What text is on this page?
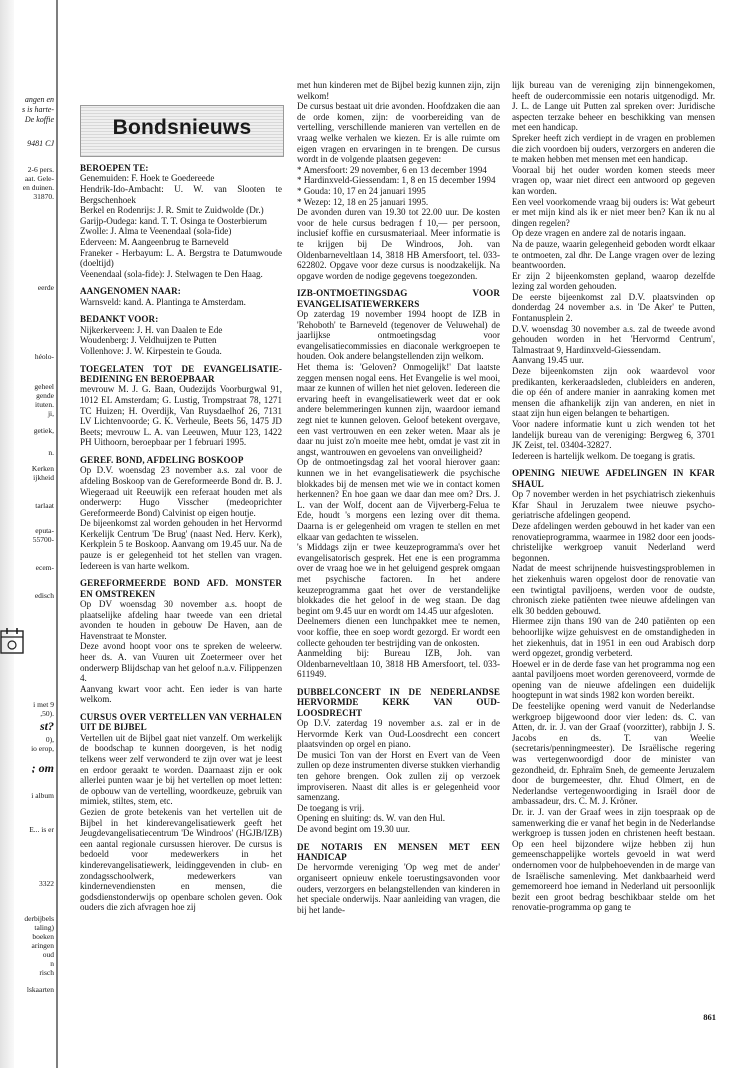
angen en
s is harte-
De koffie
9481 CJ
2-6 pers.
aat. Gele-
en duinen.
31870.
eerde
héolo-
geheel
gende
ituten.
ji,
getiek,
n.
Kerken
ijkheid
tarlaat
eputa-
55700-
ecem-
edisch
i met 9
,50).
st?
0),
io erop,
; om
i album
E... is er
3322
derbijbels
taling)
boeken
aringen
oud
n
risch
lskaarten
Bondsnieuws
BEROEPEN TE:

Genemuiden: F. Hoek te Goedereede

Hendrik-Ido-Ambacht: U. W. van Slooten te Bergschenhoek

Berkel en Rodenrijs: J. R. Smit te Zuidwolde (Dr.)

Garijp-Oudega: kand. T. T. Osinga te Oosterbierum

Zwolle: J. Alma te Veenendaal (sola-fide)

Ederveen: M. Aangeenbrug te Barneveld

Franeker - Herbayum: L. A. Bergstra te Datumwoude (doeltijd)

Veenendaal (sola-fide): J. Stelwagen te Den Haag.

AANGENOMEN NAAR:

Warnsveld: kand. A. Plantinga te Amsterdam.

BEDANKT VOOR:

Nijkerkerveen: J. H. van Daalen te Ede

Woudenberg: J. Veldhuijzen te Putten

Vollenhove: J. W. Kirpestein te Gouda.

TOEGELATEN TOT DE EVANGELISATIE-BEDIENING EN BEROEPBAAR

mevrouw M. J. G. Baan, Oudezijds Voorburgwal 91, 1012 EL Amsterdam; G. Lustig, Trompstraat 78, 1271 TC Huizen; H. Overdijk, Van Ruysdaelhof 26, 7131 LV Lichtenvoorde; G. K. Verheule, Beets 56, 1475 JD Beets; mevrouw L. A. van Leeuwen, Muur 123, 1422 PH Uithoorn, beroepbaar per 1 februari 1995.

GEREF. BOND, AFDELING BOSKOOP

Op D.V. woensdag 23 november a.s. zal voor de afdeling Boskoop van de Gereformeerde Bond dr. B. J. Wiegeraad uit Reeuwijk een referaat houden met als onderwerp: Hugo Visscher (medeoprichter Gereformeerde Bond) Calvinist op eigen houtje.

De bijeenkomst zal worden gehouden in het Hervormd Kerkelijk Centrum 'De Brug' (naast Ned. Herv. Kerk), Kerkplein 5 te Boskoop. Aanvang om 19.45 uur. Na de pauze is er gelegenheid tot het stellen van vragen. Iedereen is van harte welkom.

GEREFORMEERDE BOND AFD. MONSTER EN OMSTREKEN

Op DV woensdag 30 november a.s. hoopt de plaatselijke afdeling haar tweede van een drietal avonden te houden in gebouw De Haven, aan de Havenstraat te Monster.

Deze avond hoopt voor ons te spreken de weleerw. heer ds. A. van Vuuren uit Zoetermeer over het onderwerp Blijdschap van het geloof n.a.v. Filippenzen 4.

Aanvang kwart voor acht. Een ieder is van harte welkom.

CURSUS OVER VERTELLEN VAN VERHALEN UIT DE BIJBEL

Vertellen uit de Bijbel gaat niet vanzelf. Om werkelijk de boodschap te kunnen doorgeven, is het nodig telkens weer zelf verwonderd te zijn over wat je leest en erdoor geraakt te worden. Daarnaast zijn er ook allerlei punten waar je bij het vertellen op moet letten: de opbouw van de vertelling, woordkeuze, gebruik van mimiek, stiltes, stem, etc.

Gezien de grote betekenis van het vertellen uit de Bijbel in het kinderevangelisatiewerk geeft het Jeugdevangelisatiecentrum 'De Windroos' (HGJB/IZB) een aantal regionale cursussen hierover. De cursus is bedoeld voor medewerkers in het kinderevangelisatiewerk, leidinggevenden in club- en zondagsschoolwerk, medewerkers van kindernevendiensten en mensen, die godsdienstonderwijs op openbare scholen geven. Ook ouders die zich afvragen hoe zij

met hun kinderen met de Bijbel bezig kunnen zijn, zijn welkom!

De cursus bestaat uit drie avonden. Hoofdzaken die aan de orde komen, zijn: de voorbereiding van de vertelling, verschillende manieren van vertellen en de vraag welke verhalen we kiezen. Er is alle ruimte om eigen vragen en ervaringen in te brengen. De cursus wordt in de volgende plaatsen gegeven:

* Amersfoort: 29 november, 6 en 13 december 1994

* Hardinxveld-Giessendam: 1, 8 en 15 december 1994

* Gouda: 10, 17 en 24 januari 1995

* Wezep: 12, 18 en 25 januari 1995.

De avonden duren van 19.30 tot 22.00 uur. De kosten voor de hele cursus bedragen f 10,— per persoon, inclusief koffie en cursusmateriaal. Meer informatie is te krijgen bij De Windroos, Joh. van Oldenbarneveltlaan 14, 3818 HB Amersfoort, tel. 033-622802. Opgave voor deze cursus is noodzakelijk. Na opgave worden de nodige gegevens toegezonden.

IZB-ONTMOETINGSDAG VOOR EVANGELISATIEWERKERS

Op zaterdag 19 november 1994 hoopt de IZB in 'Rehoboth' te Barneveld (tegenover de Veluwehal) de jaarlijkse ontmoetingsdag voor evangelisatiecommissies en diaconale werkgroepen te houden. Ook andere belangstellenden zijn welkom.

Het thema is: 'Geloven? Onmogelijk!' Dat laatste zeggen mensen nogal eens. Het Evangelie is wel mooi, maar ze kunnen of willen het niet geloven. Iedereen die ervaring heeft in evangelisatiewerk weet dat er ook andere belemmeringen kunnen zijn, waardoor iemand zegt niet te kunnen geloven. Geloof betekent overgave, een vast vertrouwen en een zeker weten. Maar als je daar nu juist zo'n moeite mee hebt, omdat je vast zit in angst, wantrouwen en gevoelens van onveiligheid?

Op de ontmoetingsdag zal het vooral hierover gaan: kunnen we in het evangelisatiewerk die psychische blokkades bij de mensen met wie we in contact komen herkennen? En hoe gaan we daar dan mee om? Drs. J. L. van der Wolf, docent aan de Vijverberg-Felua te Ede, houdt 's morgens een lezing over dit thema. Daarna is er gelegenheid om vragen te stellen en met elkaar van gedachten te wisselen.

's Middags zijn er twee keuzeprogramma's over het evangelisatorisch gesprek. Het ene is een programma over de vraag hoe we in het geluigend gesprek omgaan met psychische factoren. In het andere keuzeprogramma gaat het over de verstandelijke blokkades die het geloof in de weg staan. De dag begint om 9.45 uur en wordt om 14.45 uur afgesloten.

Deelnemers dienen een lunchpakket mee te nemen, voor koffie, thee en soep wordt gezorgd. Er wordt een collecte gehouden ter bestrijding van de onkosten.

Aanmelding bij: Bureau IZB, Joh. van Oldenbarneveltlaan 10, 3818 HB Amersfoort, tel. 033-611949.

DUBBELCONCERT IN DE NEDERLANDSE HERVORMDE KERK VAN OUD-LOOSDRECHT

Op D.V. zaterdag 19 november a.s. zal er in de Hervormde Kerk van Oud-Loosdrecht een concert plaatsvinden op orgel en piano.

De musici Ton van der Horst en Evert van de Veen zullen op deze instrumenten diverse stukken vierhandig ten gehore brengen. Ook zullen zij op verzoek improviseren. Naast dit alles is er gelegenheid voor samenzang.

De toegang is vrij.

Opening en sluiting: ds. W. van den Hul.

De avond begint om 19.30 uur.

DE NOTARIS EN MENSEN MET EEN HANDICAP

De hervormde vereniging 'Op weg met de ander' organiseert opnieuw enkele toerustingsavonden voor ouders, verzorgers en belangstellenden van kinderen in het speciale onderwijs. Naar aanleiding van vragen, die bij het lande-

lijk bureau van de vereniging zijn binnengekomen, heeft de oudercommissie een notaris uitgenodigd. Mr. J. L. de Lange uit Putten zal spreken over: Juridische aspecten terzake beheer en beschikking van mensen met een handicap.

Spreker heeft zich verdiept in de vragen en problemen die zich voordoen bij ouders, verzorgers en anderen die te maken hebben met mensen met een handicap.

Vooraal bij het ouder worden komen steeds meer vragen op, waar niet direct een antwoord op gegeven kan worden.

Een veel voorkomende vraag bij ouders is: Wat gebeurt er met mijn kind als ik er niet meer ben? Kan ik nu al dingen regelen?

Op deze vragen en andere zal de notaris ingaan.

Na de pauze, waarin gelegenheid geboden wordt elkaar te ontmoeten, zal dhr. De Lange vragen over de lezing beantwoorden.

Er zijn 2 bijeenkomsten gepland, waarop dezelfde lezing zal worden gehouden.

De eerste bijeenkomst zal D.V. plaatsvinden op donderdag 24 november a.s. in 'De Aker' te Putten, Fontanusplein 2.

D.V. woensdag 30 november a.s. zal de tweede avond gehouden worden in het 'Hervormd Centrum', Talmastraat 9, Hardinxveld-Giessendam.

Aanvang 19.45 uur.

Deze bijeenkomsten zijn ook waardevol voor predikanten, kerkeraadsleden, clubleiders en anderen, die op één of andere manier in aanraking komen met mensen die afhankelijk zijn van anderen, en niet in staat zijn hun eigen belangen te behartigen.

Voor nadere informatie kunt u zich wenden tot het landelijk bureau van de vereniging: Bergweg 6, 3701 JK Zeist, tel. 03404-32827.

Iedereen is hartelijk welkom. De toegang is gratis.

OPENING NIEUWE AFDELINGEN IN KFAR SHAUL

Op 7 november werden in het psychiatrisch ziekenhuis Kfar Shaul in Jeruzalem twee nieuwe psycho-geriatrische afdelingen geopend.

Deze afdelingen werden gebouwd in het kader van een renovatieprogramma, waarmee in 1982 door een joods-christelijke werkgroep vanuit Nederland werd begonnen.

Nadat de meest schrijnende huisvestingsproblemen in het ziekenhuis waren opgelost door de renovatie van een twintigtal paviljoens, werden voor de oudste, chronisch zieke patiënten twee nieuwe afdelingen van elk 30 bedden gebouwd.

Hiermee zijn thans 190 van de 240 patiënten op een behoorlijke wijze gehuisvest en de omstandigheden in het ziekenhuis, dat in 1951 in een oud Arabisch dorp werd opgezet, grondig verbeterd.

Hoewel er in de derde fase van het programma nog een aantal paviljoens moet worden gerenoveerd, vormde de opening van de nieuwe afdelingen een duidelijk hoogtepunt in wat sinds 1982 kon worden bereikt.

De feestelijke opening werd vanuit de Nederlandse werkgroep bijgewoond door vier leden: ds. C. van Atten, dr. ir. J. van der Graaf (voorzitter), rabbijn J. S. Jacobs en ds. T. van Weelie (secretaris/penningmeester). De Israëlische regering was vertegenwoordigd door de minister van gezondheid, dr. Ephraïm Sneh, de gemeente Jeruzalem door de burgemeester, dhr. Ehud Olmert, en de Nederlandse vertegenwoordiging in Israël door de ambassadeur, drs. C. M. J. Kröner.

Dr. ir. J. van der Graaf wees in zijn toespraak op de samenwerking die er vanaf het begin in de Nederlandse werkgroep is tussen joden en christenen heeft bestaan. Op een heel bijzondere wijze hebben zij hun gemeenschappelijke wortels gevoeld in wat werd ondernomen voor de hulpbehoevenden in de marge van de Israëlische samenleving. Met dankbaarheid werd gememoreerd hoe iemand in Nederland uit persoonlijk bezit een groot bedrag beschikbaar stelde om het renovatie-programma op gang te

861
